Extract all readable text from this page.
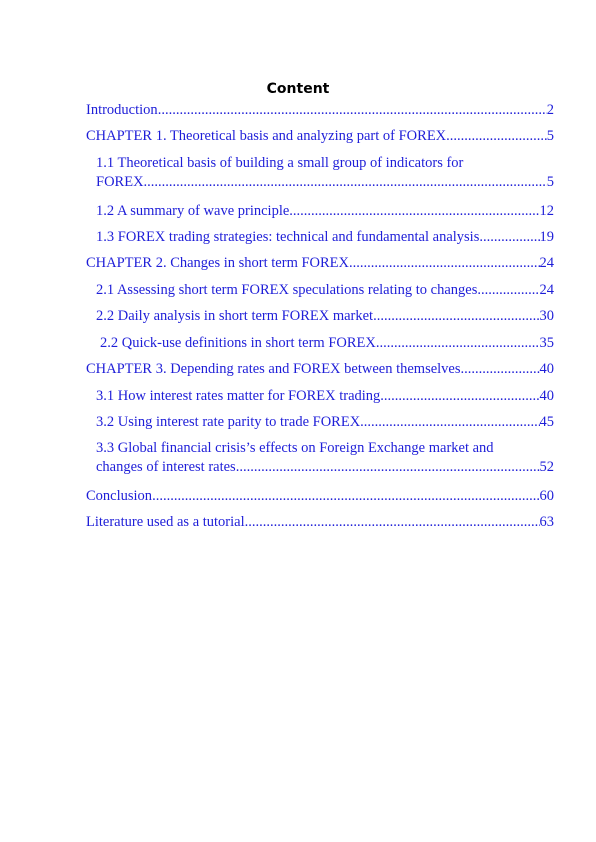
Content
Introduction .....	2
CHAPTER 1. Theoretical basis and analyzing part of FOREX .....	5
1.1 Theoretical basis of building a small group of indicators for
FOREX .....	5
1.2 A summary of wave principle .....	12
1.3 FOREX trading strategies: technical and fundamental analysis .....	19
CHAPTER 2. Changes in short term FOREX .....	24
2.1 Assessing short term FOREX speculations relating to changes .....	24
2.2 Daily analysis in short term FOREX market .....	30
2.2 Quick-use definitions in short term FOREX .....	35
CHAPTER 3. Depending rates and FOREX between themselves .....	40
3.1 How interest rates matter for FOREX trading .....	40
3.2 Using interest rate parity to trade FOREX .....	45
3.3 Global financial crisis’s effects on Foreign Exchange market and
changes of interest rates .....	52
Conclusion .....	60
Literature used as a tutorial .....	63
